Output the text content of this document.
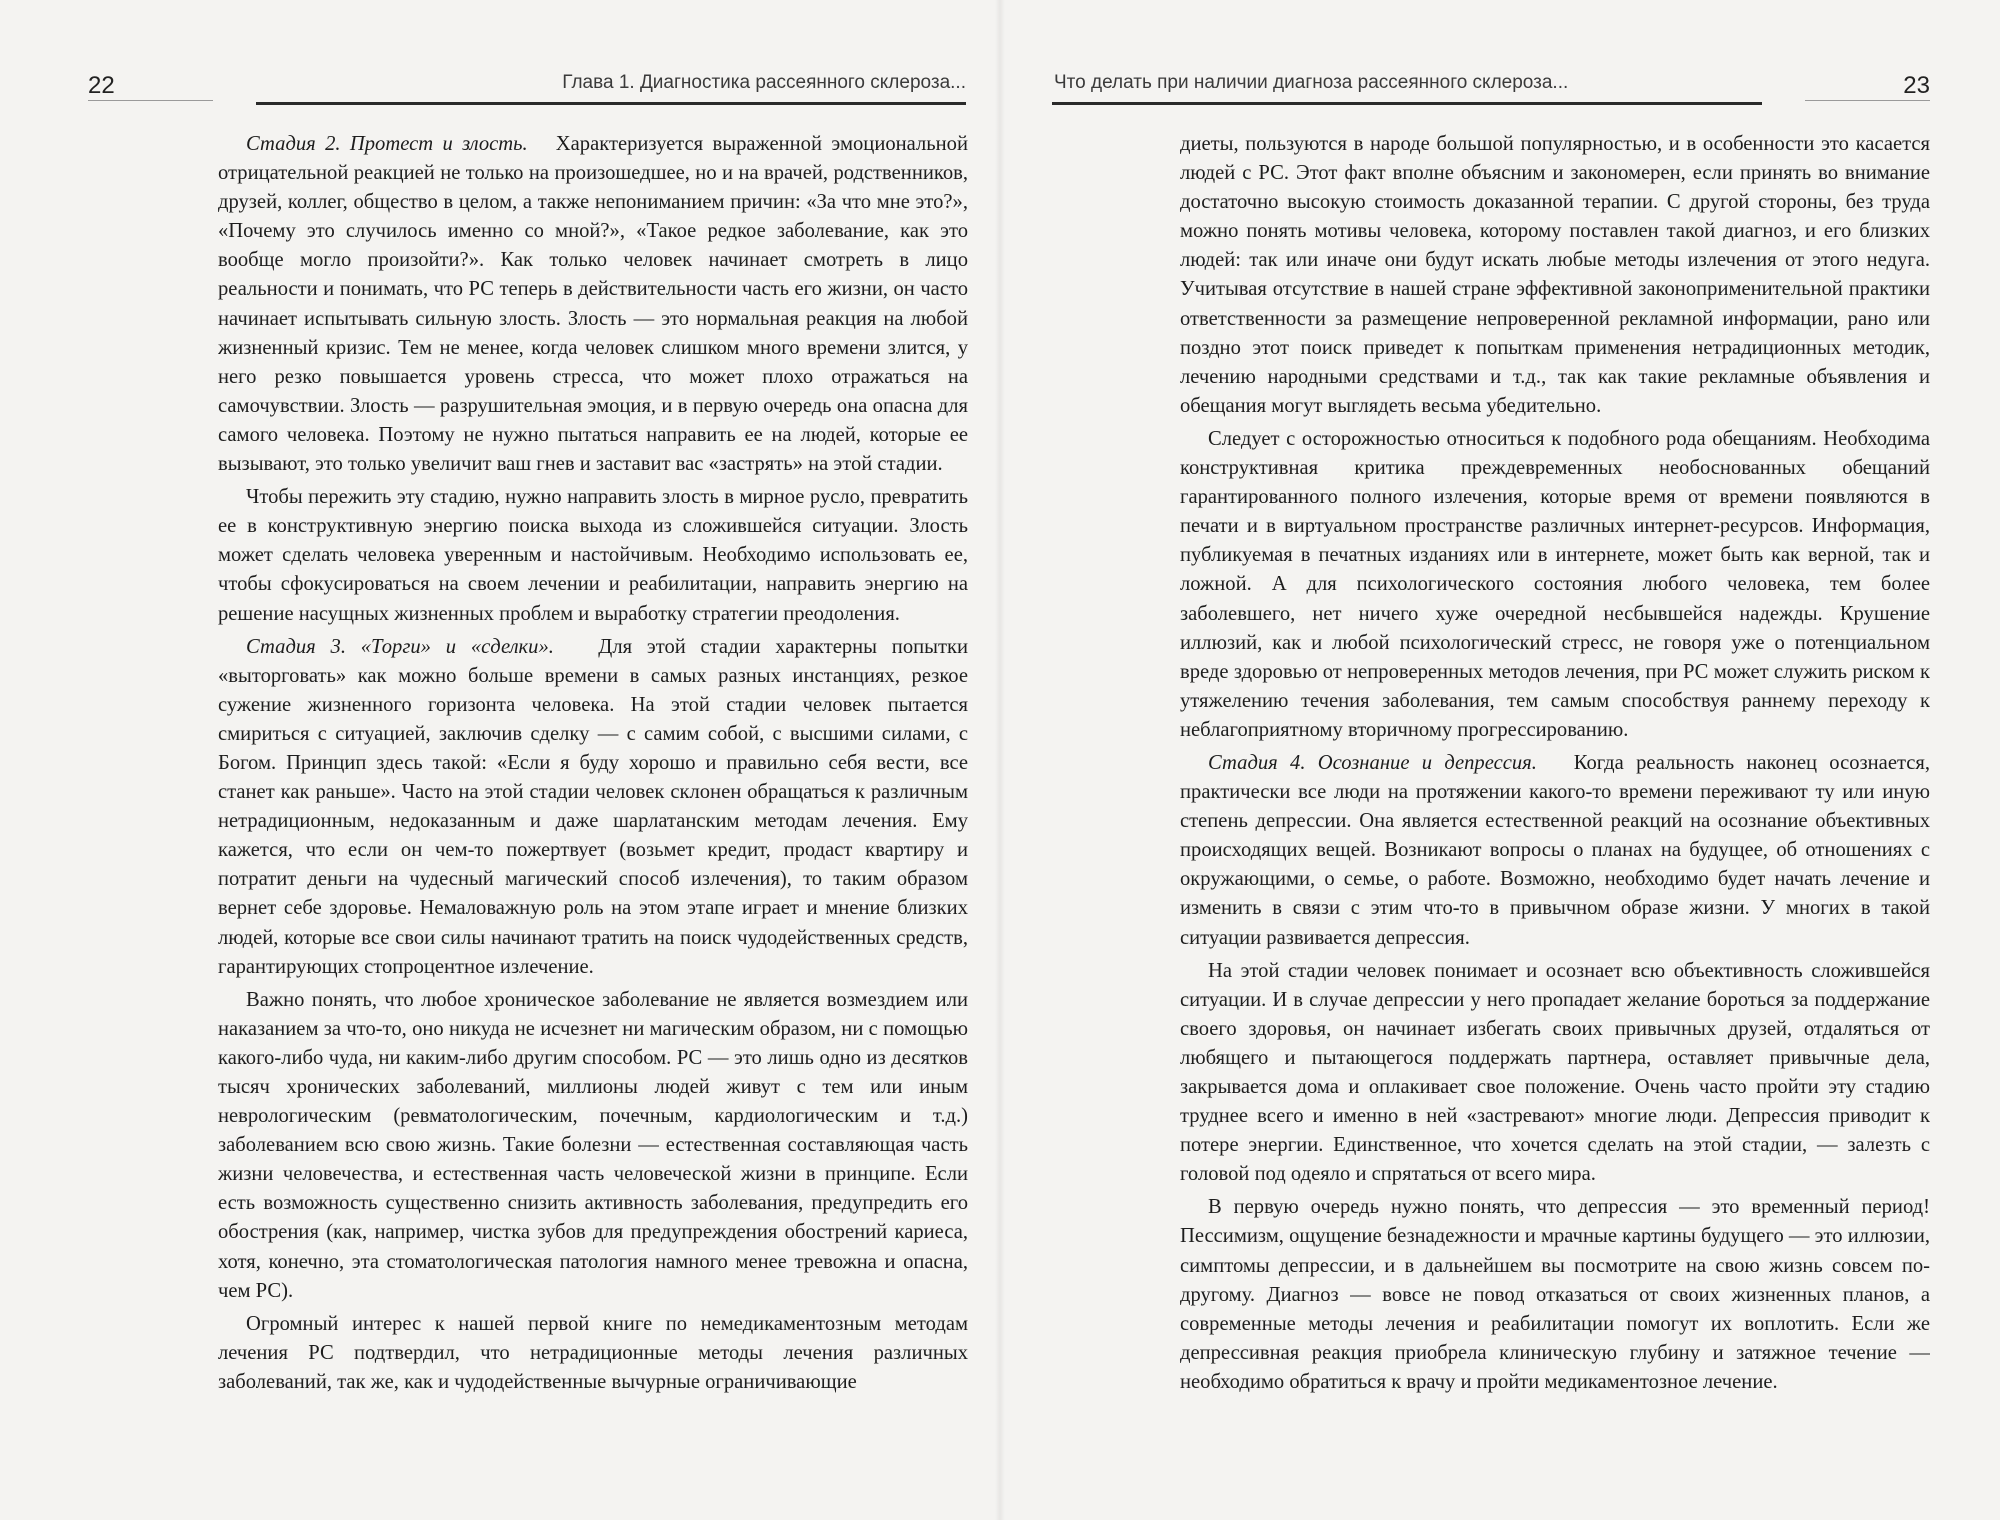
22	Глава 1. Диагностика рассеянного склероза...

Стадия 2. Протест и злость. Характеризуется выраженной эмоциональной отрицательной реакцией не только на произошедшее, но и на врачей, родственников, друзей, коллег, общество в целом, а также непониманием причин: «За что мне это?», «Почему это случилось именно со мной?», «Такое редкое заболевание, как это вообще могло произойти?». Как только человек начинает смотреть в лицо реальности и понимать, что РС теперь в действительности часть его жизни, он часто начинает испытывать сильную злость. Злость — это нормальная реакция на любой жизненный кризис. Тем не менее, когда человек слишком много времени злится, у него резко повышается уровень стресса, что может плохо отражаться на самочувствии. Злость — разрушительная эмоция, и в первую очередь она опасна для самого человека. Поэтому не нужно пытаться направить ее на людей, которые ее вызывают, это только увеличит ваш гнев и заставит вас «застрять» на этой стадии.

Чтобы пережить эту стадию, нужно направить злость в мирное русло, превратить ее в конструктивную энергию поиска выхода из сложившейся ситуации. Злость может сделать человека уверенным и настойчивым. Необходимо использовать ее, чтобы сфокусироваться на своем лечении и реабилитации, направить энергию на решение насущных жизненных проблем и выработку стратегии преодоления.

Стадия 3. «Торги» и «сделки». Для этой стадии характерны попытки «выторговать» как можно больше времени в самых разных инстанциях, резкое сужение жизненного горизонта человека. На этой стадии человек пытается смириться с ситуацией, заключив сделку — с самим собой, с высшими силами, с Богом. Принцип здесь такой: «Если я буду хорошо и правильно себя вести, все станет как раньше». Часто на этой стадии человек склонен обращаться к различным нетрадиционным, недоказанным и даже шарлатанским методам лечения. Ему кажется, что если он чем-то пожертвует (возьмет кредит, продаст квартиру и потратит деньги на чудесный магический способ излечения), то таким образом вернет себе здоровье. Немаловажную роль на этом этапе играет и мнение близких людей, которые все свои силы начинают тратить на поиск чудодейственных средств, гарантирующих стопроцентное излечение.

Важно понять, что любое хроническое заболевание не является возмездием или наказанием за что-то, оно никуда не исчезнет ни магическим образом, ни с помощью какого-либо чуда, ни каким-либо другим способом. РС — это лишь одно из десятков тысяч хронических заболеваний, миллионы людей живут с тем или иным неврологическим (ревматологическим, почечным, кардиологическим и т.д.) заболеванием всю свою жизнь. Такие болезни — естественная составляющая часть жизни человечества, и естественная часть человеческой жизни в принципе. Если есть возможность существенно снизить активность заболевания, предупредить его обострения (как, например, чистка зубов для предупреждения обострений кариеса, хотя, конечно, эта стоматологическая патология намного менее тревожна и опасна, чем РС).

Огромный интерес к нашей первой книге по немедикаментозным методам лечения РС подтвердил, что нетрадиционные методы лечения различных заболеваний, так же, как и чудодейственные вычурные ограничивающие

Что делать при наличии диагноза рассеянного склероза...	23

диеты, пользуются в народе большой популярностью, и в особенности это касается людей с РС. Этот факт вполне объясним и закономерен, если принять во внимание достаточно высокую стоимость доказанной терапии. С другой стороны, без труда можно понять мотивы человека, которому поставлен такой диагноз, и его близких людей: так или иначе они будут искать любые методы излечения от этого недуга. Учитывая отсутствие в нашей стране эффективной законоприменительной практики ответственности за размещение непроверенной рекламной информации, рано или поздно этот поиск приведет к попыткам применения нетрадиционных методик, лечению народными средствами и т.д., так как такие рекламные объявления и обещания могут выглядеть весьма убедительно.

Следует с осторожностью относиться к подобного рода обещаниям. Необходима конструктивная критика преждевременных необоснованных обещаний гарантированного полного излечения, которые время от времени появляются в печати и в виртуальном пространстве различных интернет-ресурсов. Информация, публикуемая в печатных изданиях или в интернете, может быть как верной, так и ложной. А для психологического состояния любого человека, тем более заболевшего, нет ничего хуже очередной несбывшейся надежды. Крушение иллюзий, как и любой психологический стресс, не говоря уже о потенциальном вреде здоровью от непроверенных методов лечения, при РС может служить риском к утяжелению течения заболевания, тем самым способствуя раннему переходу к неблагоприятному вторичному прогрессированию.

Стадия 4. Осознание и депрессия. Когда реальность наконец осознается, практически все люди на протяжении какого-то времени переживают ту или иную степень депрессии. Она является естественной реакций на осознание объективных происходящих вещей. Возникают вопросы о планах на будущее, об отношениях с окружающими, о семье, о работе. Возможно, необходимо будет начать лечение и изменить в связи с этим что-то в привычном образе жизни. У многих в такой ситуации развивается депрессия.

На этой стадии человек понимает и осознает всю объективность сложившейся ситуации. И в случае депрессии у него пропадает желание бороться за поддержание своего здоровья, он начинает избегать своих привычных друзей, отдаляться от любящего и пытающегося поддержать партнера, оставляет привычные дела, закрывается дома и оплакивает свое положение. Очень часто пройти эту стадию труднее всего и именно в ней «застревают» многие люди. Депрессия приводит к потере энергии. Единственное, что хочется сделать на этой стадии, — залезть с головой под одеяло и спрятаться от всего мира.

В первую очередь нужно понять, что депрессия — это временный период! Пессимизм, ощущение безнадежности и мрачные картины будущего — это иллюзии, симптомы депрессии, и в дальнейшем вы посмотрите на свою жизнь совсем по-другому. Диагноз — вовсе не повод отказаться от своих жизненных планов, а современные методы лечения и реабилитации помогут их воплотить. Если же депрессивная реакция приобрела клиническую глубину и затяжное течение — необходимо обратиться к врачу и пройти медикаментозное лечение.
